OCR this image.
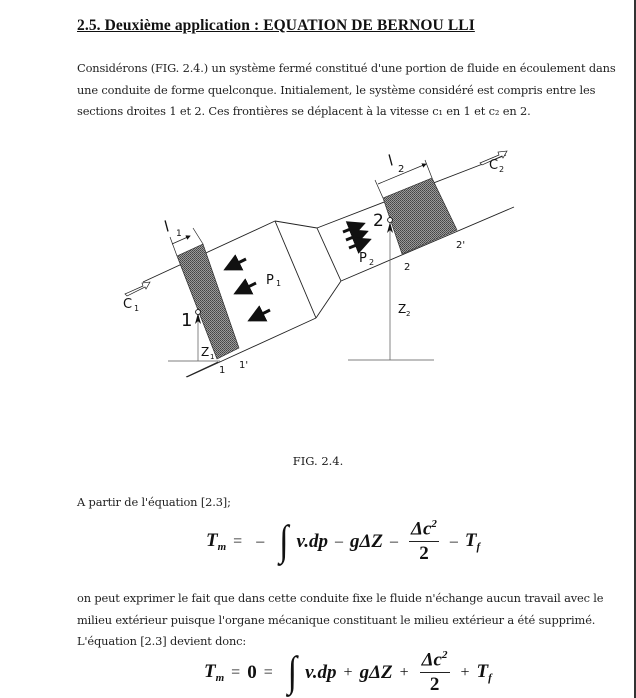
2.5. Deuxième application : EQUATION DE BERNOU LLI
Considérons (FIG. 2.4.) un système fermé constitué d'une portion de fluide en écoulement dans
une conduite de forme quelconque. Initialement, le système considéré est compris entre les
sections droites 1 et 2. Ces frontières se déplacent à la vitesse c₁ en 1 et c₂ en 2.
l 1
l 2
C 1
C 2
P 1
P 2
1
Z 1
1 1'
2
Z 2
2
2'
FIG. 2.4.
A partir de l'équation [2.3];
$T_m$ = – ∫ v.dp – gΔZ – $\frac{\Delta c^2}{2} - T_f$
on peut exprimer le fait que dans cette conduite fixe le fluide n'échange aucun travail avec le
milieu extérieur puisque l'organe mécanique constituant le milieu extérieur a été supprimé.
L'équation [2.3] devient donc:
$T_m = 0$ = ∫ $v.dp + g\Delta Z + \frac{\Delta c^2}{2} + T_f$
